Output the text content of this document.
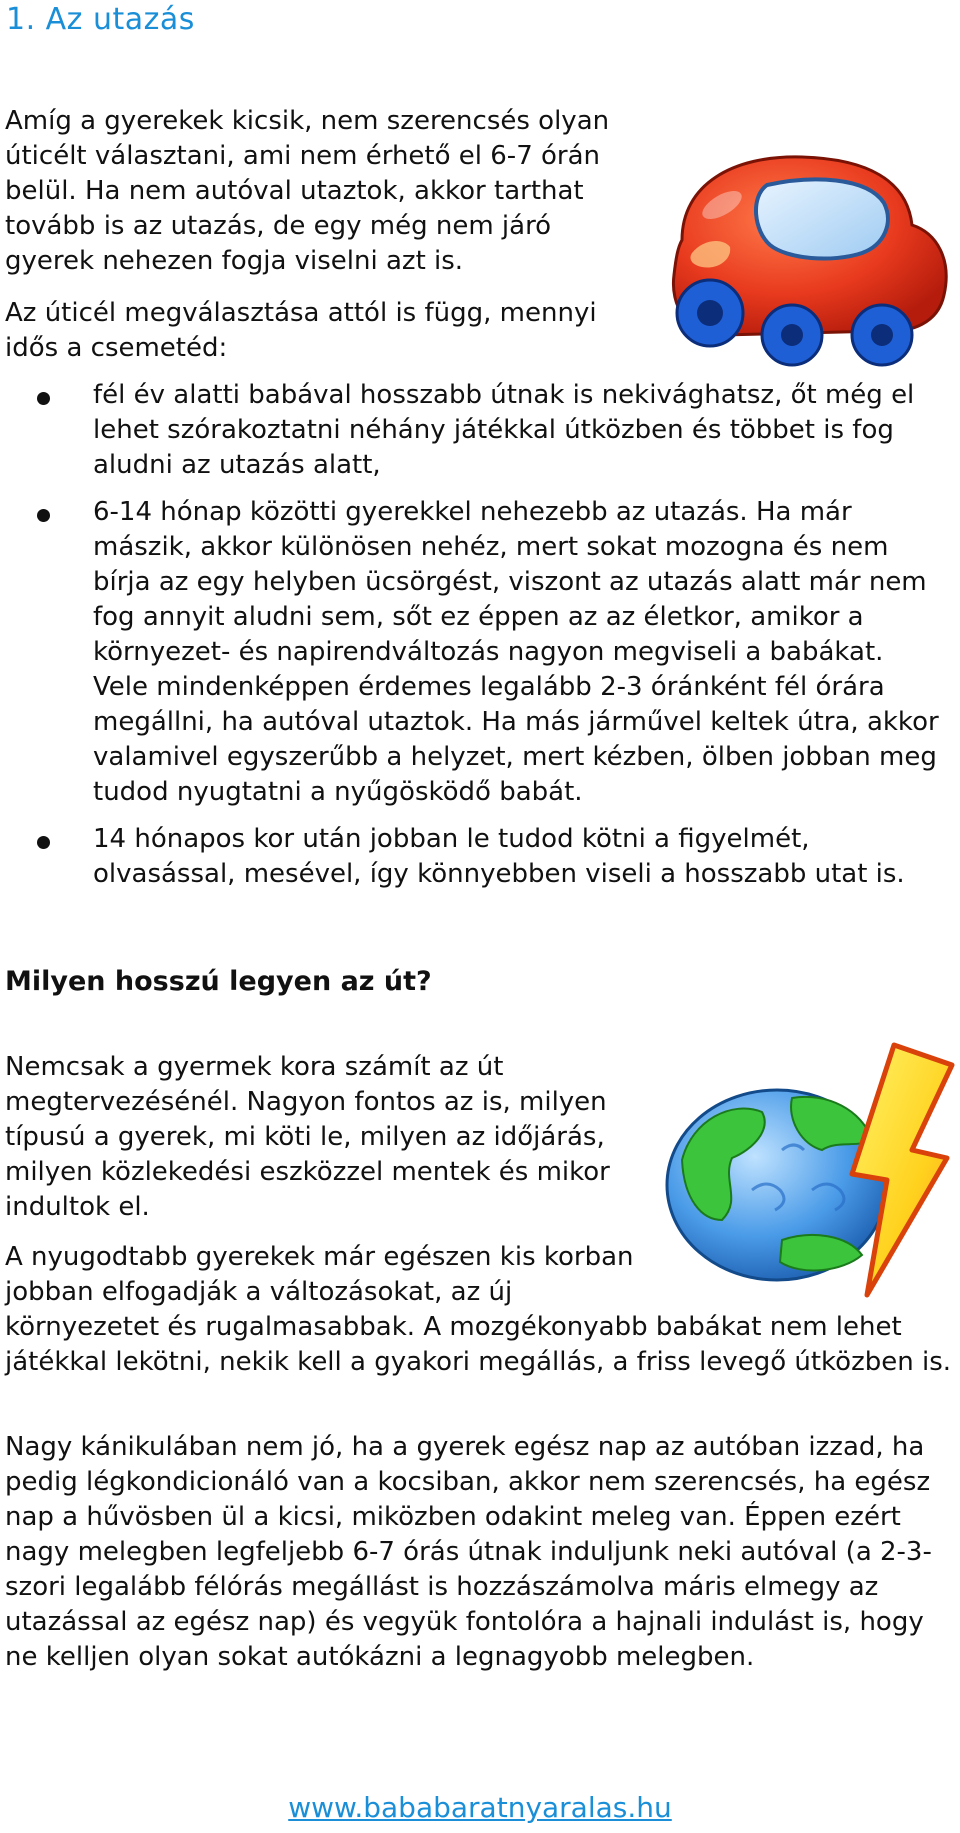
1. Az utazás

Amíg a gyerekek kicsik, nem szerencsés olyan úticélt választani, ami nem érhető el 6-7 órán belül. Ha nem autóval utaztok, akkor tarthat tovább is az utazás, de egy még nem járó gyerek nehezen fogja viselni azt is.

Az úticél megválasztása attól is függ, mennyi idős a csemetéd:

fél év alatti babával hosszabb útnak is nekivághatsz, őt még el lehet szórakoztatni néhány játékkal útközben és többet is fog aludni az utazás alatt,
6-14 hónap közötti gyerekkel nehezebb az utazás. Ha már mászik, akkor különösen nehéz, mert sokat mozogna és nem bírja az egy helyben ücsörgést, viszont az utazás alatt már nem fog annyit aludni sem, sőt ez éppen az az életkor, amikor a környezet- és napirendváltozás nagyon megviseli a babákat. Vele mindenképpen érdemes legalább 2-3 óránként fél órára megállni, ha autóval utaztok. Ha más járművel keltek útra, akkor valamivel egyszerűbb a helyzet, mert kézben, ölben jobban meg tudod nyugtatni a nyűgösködő babát.
14 hónapos kor után jobban le tudod kötni a figyelmét, olvasással, mesével, így könnyebben viseli a hosszabb utat is.
Milyen hosszú legyen az út?

Nemcsak a gyermek kora számít az út megtervezésénél. Nagyon fontos az is, milyen típusú a gyerek, mi köti le, milyen az időjárás, milyen közlekedési eszközzel mentek és mikor indultok el.

A nyugodtabb gyerekek már egészen kis korban jobban elfogadják a változásokat, az új
környezetet és rugalmasabbak. A mozgékonyabb babákat nem lehet játékkal lekötni, nekik kell a gyakori megállás, a friss levegő útközben is.

Nagy kánikulában nem jó, ha a gyerek egész nap az autóban izzad, ha pedig légkondicionáló van a kocsiban, akkor nem szerencsés, ha egész nap a hűvösben ül a kicsi, miközben odakint meleg van. Éppen ezért nagy melegben legfeljebb 6-7 órás útnak induljunk neki autóval (a 2-3-szori legalább félórás megállást is hozzászámolva máris elmegy az utazással az egész nap) és vegyük fontolóra a hajnali indulást is, hogy ne kelljen olyan sokat autókázni a legnagyobb melegben.

www.bababaratnyaralas.hu
